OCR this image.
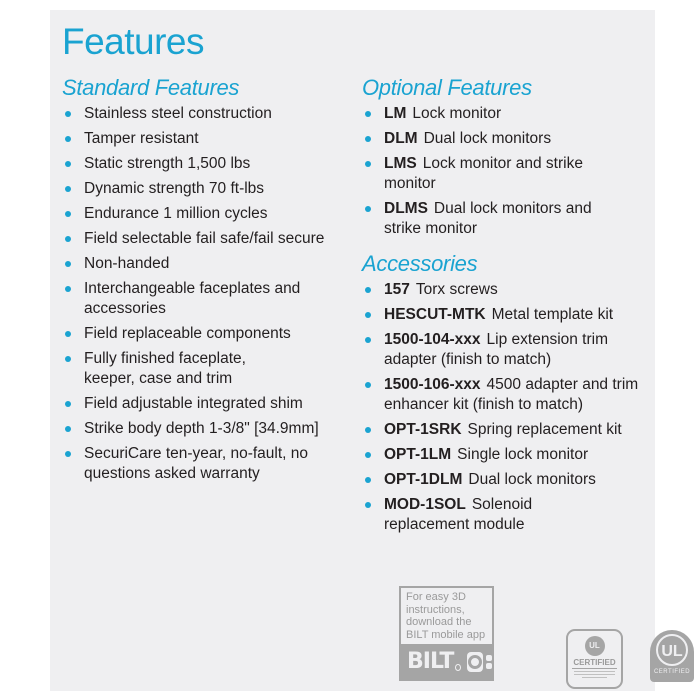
Features
Standard Features
Stainless steel construction
Tamper resistant
Static strength 1,500 lbs
Dynamic strength 70 ft-lbs
Endurance 1 million cycles
Field selectable fail safe/fail secure
Non-handed
Interchangeable faceplates and accessories
Field replaceable components
Fully finished faceplate, keeper, case and trim
Field adjustable integrated shim
Strike body depth 1-3/8" [34.9mm]
SecuriCare ten-year, no-fault, no questions asked warranty
Optional Features
LM Lock monitor
DLM Dual lock monitors
LMS Lock monitor and strike monitor
DLMS Dual lock monitors and strike monitor
Accessories
157 Torx screws
HESCUT-MTK Metal template kit
1500-104-xxx Lip extension trim adapter (finish to match)
1500-106-xxx 4500 adapter and trim enhancer kit (finish to match)
OPT-1SRK Spring replacement kit
OPT-1LM Single lock monitor
OPT-1DLM Dual lock monitors
MOD-1SOL Solenoid replacement module
For easy 3D instructions, download the BILT mobile app
BILT
UL
CERTIFIED
UL
CERTIFIED
